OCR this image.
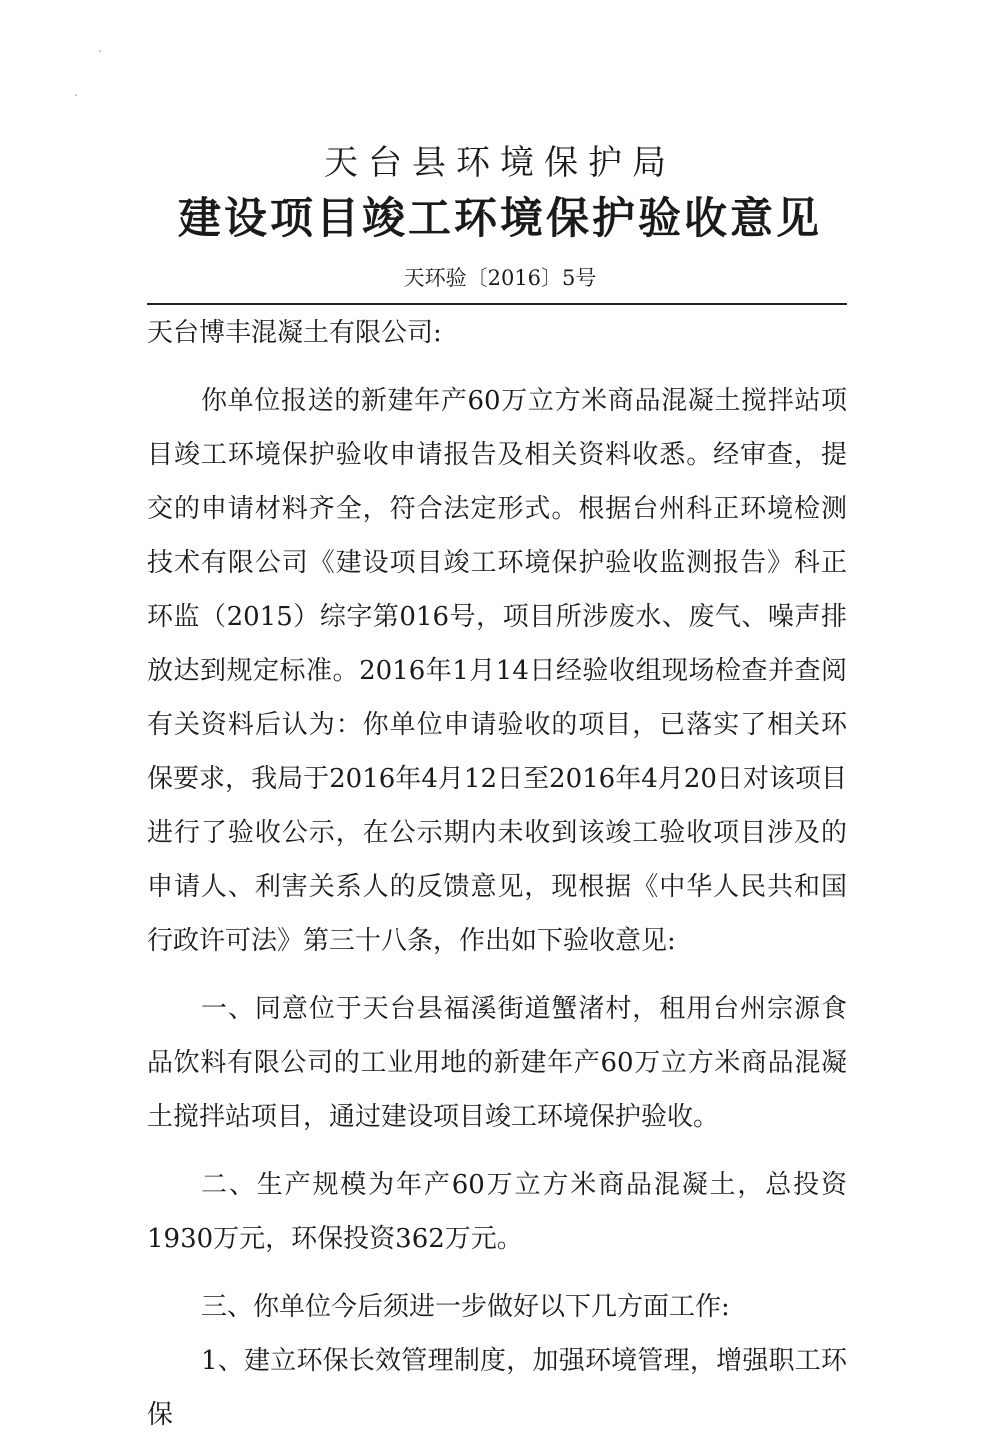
·
·
天台县环境保护局
建设项目竣工环境保护验收意见
天环验〔2016〕5号

天台博丰混凝土有限公司:

你单位报送的新建年产60万立方米商品混凝土搅拌站项目竣工环境保护验收申请报告及相关资料收悉。经审查，提交的申请材料齐全，符合法定形式。根据台州科正环境检测技术有限公司《建设项目竣工环境保护验收监测报告》科正环监（2015）综字第016号，项目所涉废水、废气、噪声排放达到规定标准。2016年1月14日经验收组现场检查并查阅有关资料后认为：你单位申请验收的项目，已落实了相关环保要求，我局于2016年4月12日至2016年4月20日对该项目进行了验收公示，在公示期内未收到该竣工验收项目涉及的申请人、利害关系人的反馈意见，现根据《中华人民共和国行政许可法》第三十八条，作出如下验收意见:

一、同意位于天台县福溪街道蟹渚村，租用台州宗源食品饮料有限公司的工业用地的新建年产60万立方米商品混凝土搅拌站项目，通过建设项目竣工环境保护验收。

二、生产规模为年产60万立方米商品混凝土，总投资1930万元，环保投资362万元。

三、你单位今后须进一步做好以下几方面工作:

1、建立环保长效管理制度，加强环境管理，增强职工环保
